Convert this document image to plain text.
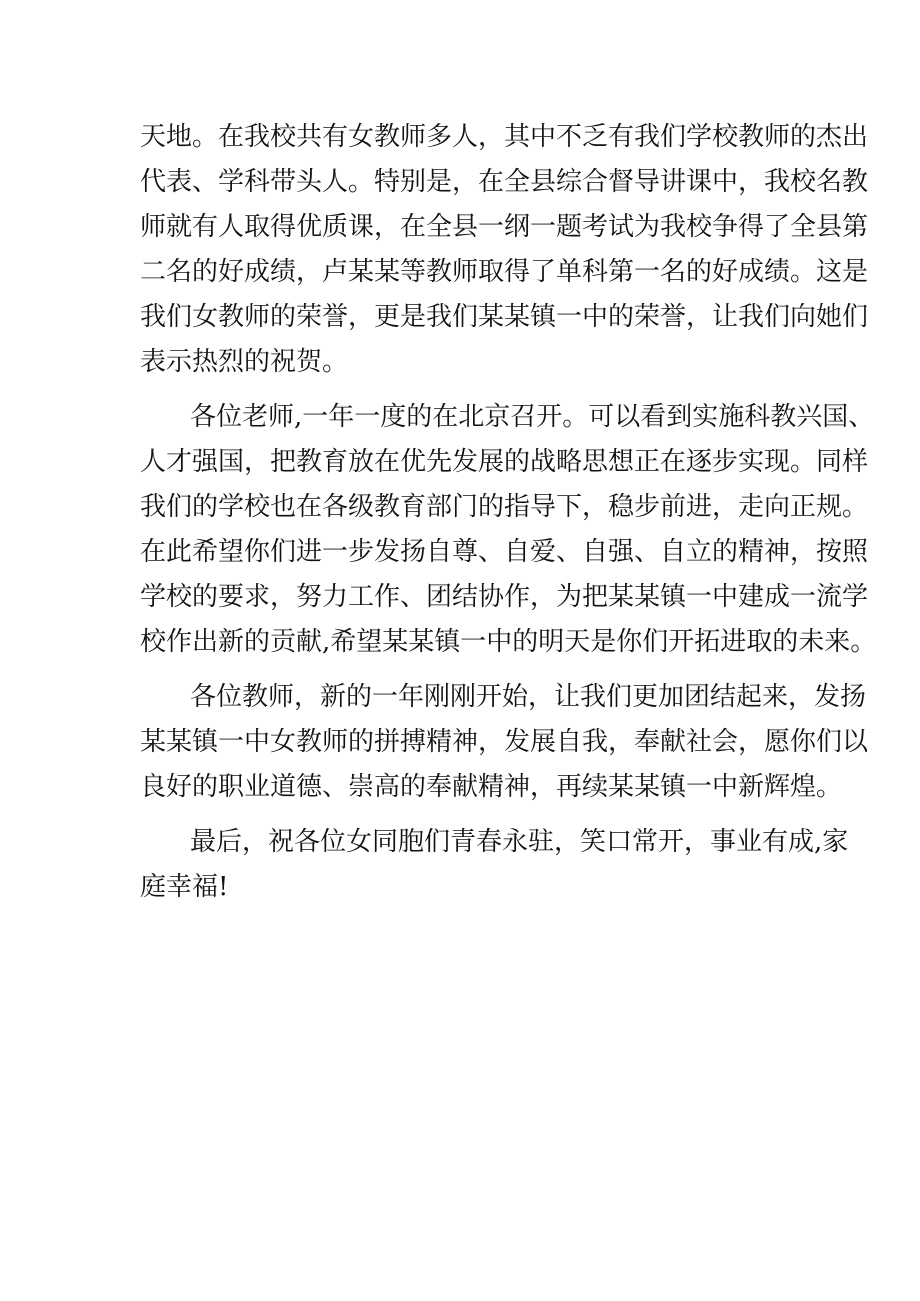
天地。在我校共有女教师多人，其中不乏有我们学校教师的杰出
代表、学科带头人。特别是，在全县综合督导讲课中，我校名教
师就有人取得优质课，在全县一纲一题考试为我校争得了全县第
二名的好成绩，卢某某等教师取得了单科第一名的好成绩。这是
我们女教师的荣誉，更是我们某某镇一中的荣誉，让我们向她们
表示热烈的祝贺。
各位老师,一年一度的在北京召开。可以看到实施科教兴国、
人才强国，把教育放在优先发展的战略思想正在逐步实现。同样
我们的学校也在各级教育部门的指导下，稳步前进，走向正规。
在此希望你们进一步发扬自尊、自爱、自强、自立的精神，按照
学校的要求，努力工作、团结协作，为把某某镇一中建成一流学
校作出新的贡献,希望某某镇一中的明天是你们开拓进取的未来。
各位教师，新的一年刚刚开始，让我们更加团结起来，发扬
某某镇一中女教师的拼搏精神，发展自我，奉献社会，愿你们以
良好的职业道德、崇高的奉献精神，再续某某镇一中新辉煌。
最后，祝各位女同胞们青春永驻，笑口常开，事业有成,家
庭幸福!
